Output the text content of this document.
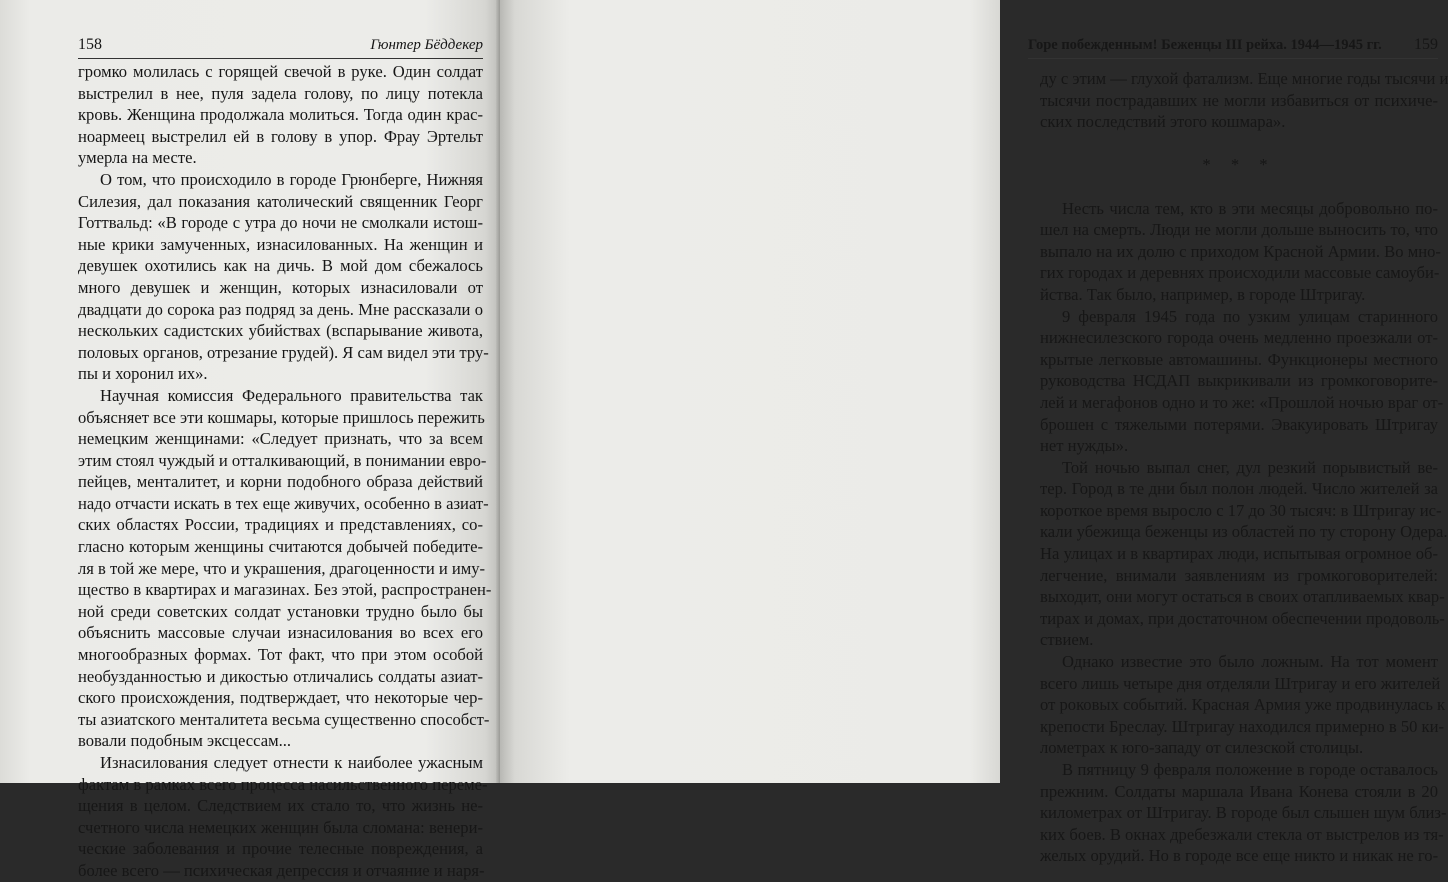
158	Гюнтер Бёддекер
громко молилась с горящей свечой в руке. Один солдат
выстрелил в нее, пуля задела голову, по лицу потекла
кровь. Женщина продолжала молиться. Тогда один крас-
ноармеец выстрелил ей в голову в упор. Фрау Эртельт
умерла на месте.
О том, что происходило в городе Грюнберге, Нижняя
Силезия, дал показания католический священник Георг
Готтвальд: «В городе с утра до ночи не смолкали истош-
ные крики замученных, изнасилованных. На женщин и
девушек охотились как на дичь. В мой дом сбежалось
много девушек и женщин, которых изнасиловали от
двадцати до сорока раз подряд за день. Мне рассказали о
нескольких садистских убийствах (вспарывание живота,
половых органов, отрезание грудей). Я сам видел эти тру-
пы и хоронил их».
Научная комиссия Федерального правительства так
объясняет все эти кошмары, которые пришлось пережить
немецким женщинами: «Следует признать, что за всем
этим стоял чуждый и отталкивающий, в понимании евро-
пейцев, менталитет, и корни подобного образа действий
надо отчасти искать в тех еще живучих, особенно в азиат-
ских областях России, традициях и представлениях, со-
гласно которым женщины считаются добычей победите-
ля в той же мере, что и украшения, драгоценности и иму-
щество в квартирах и магазинах. Без этой, распространен-
ной среди советских солдат установки трудно было бы
объяснить массовые случаи изнасилования во всех его
многообразных формах. Тот факт, что при этом особой
необузданностью и дикостью отличались солдаты азиат-
ского происхождения, подтверждает, что некоторые чер-
ты азиатского менталитета весьма существенно способст-
вовали подобным эксцессам...
Изнасилования следует отнести к наиболее ужасным
фактам в рамках всего процесса насильственного переме-
щения в целом. Следствием их стало то, что жизнь не-
счетного числа немецких женщин была сломана: венери-
ческие заболевания и прочие телесные повреждения, а
более всего — психическая депрессия и отчаяние и наря-
Горе побежденным! Беженцы III рейха. 1944—1945 гг. 159
ду с этим — глухой фатализм. Еще многие годы тысячи и
тысячи пострадавших не могли избавиться от психиче-
ских последствий этого кошмара».
* * *
Несть числа тем, кто в эти месяцы добровольно по-
шел на смерть. Люди не могли дольше выносить то, что
выпало на их долю с приходом Красной Армии. Во мно-
гих городах и деревнях происходили массовые самоуби-
йства. Так было, например, в городе Штригау.
9 февраля 1945 года по узким улицам старинного
нижнесилезского города очень медленно проезжали от-
крытые легковые автомашины. Функционеры местного
руководства НСДАП выкрикивали из громкоговорите-
лей и мегафонов одно и то же: «Прошлой ночью враг от-
брошен с тяжелыми потерями. Эвакуировать Штригау
нет нужды».
Той ночью выпал снег, дул резкий порывистый ве-
тер. Город в те дни был полон людей. Число жителей за
короткое время выросло с 17 до 30 тысяч: в Штригау ис-
кали убежища беженцы из областей по ту сторону Одера.
На улицах и в квартирах люди, испытывая огромное об-
легчение, внимали заявлениям из громкоговорителей:
выходит, они могут остаться в своих отапливаемых квар-
тирах и домах, при достаточном обеспечении продоволь-
ствием.
Однако известие это было ложным. На тот момент
всего лишь четыре дня отделяли Штригау и его жителей
от роковых событий. Красная Армия уже продвинулась к
крепости Бреслау. Штригау находился примерно в 50 ки-
лометрах к юго-западу от силезской столицы.
В пятницу 9 февраля положение в городе оставалось
прежним. Солдаты маршала Ивана Конева стояли в 20
километрах от Штригау. В городе был слышен шум близ-
ких боев. В окнах дребезжали стекла от выстрелов из тя-
желых орудий. Но в городе все еще никто и никак не го-
